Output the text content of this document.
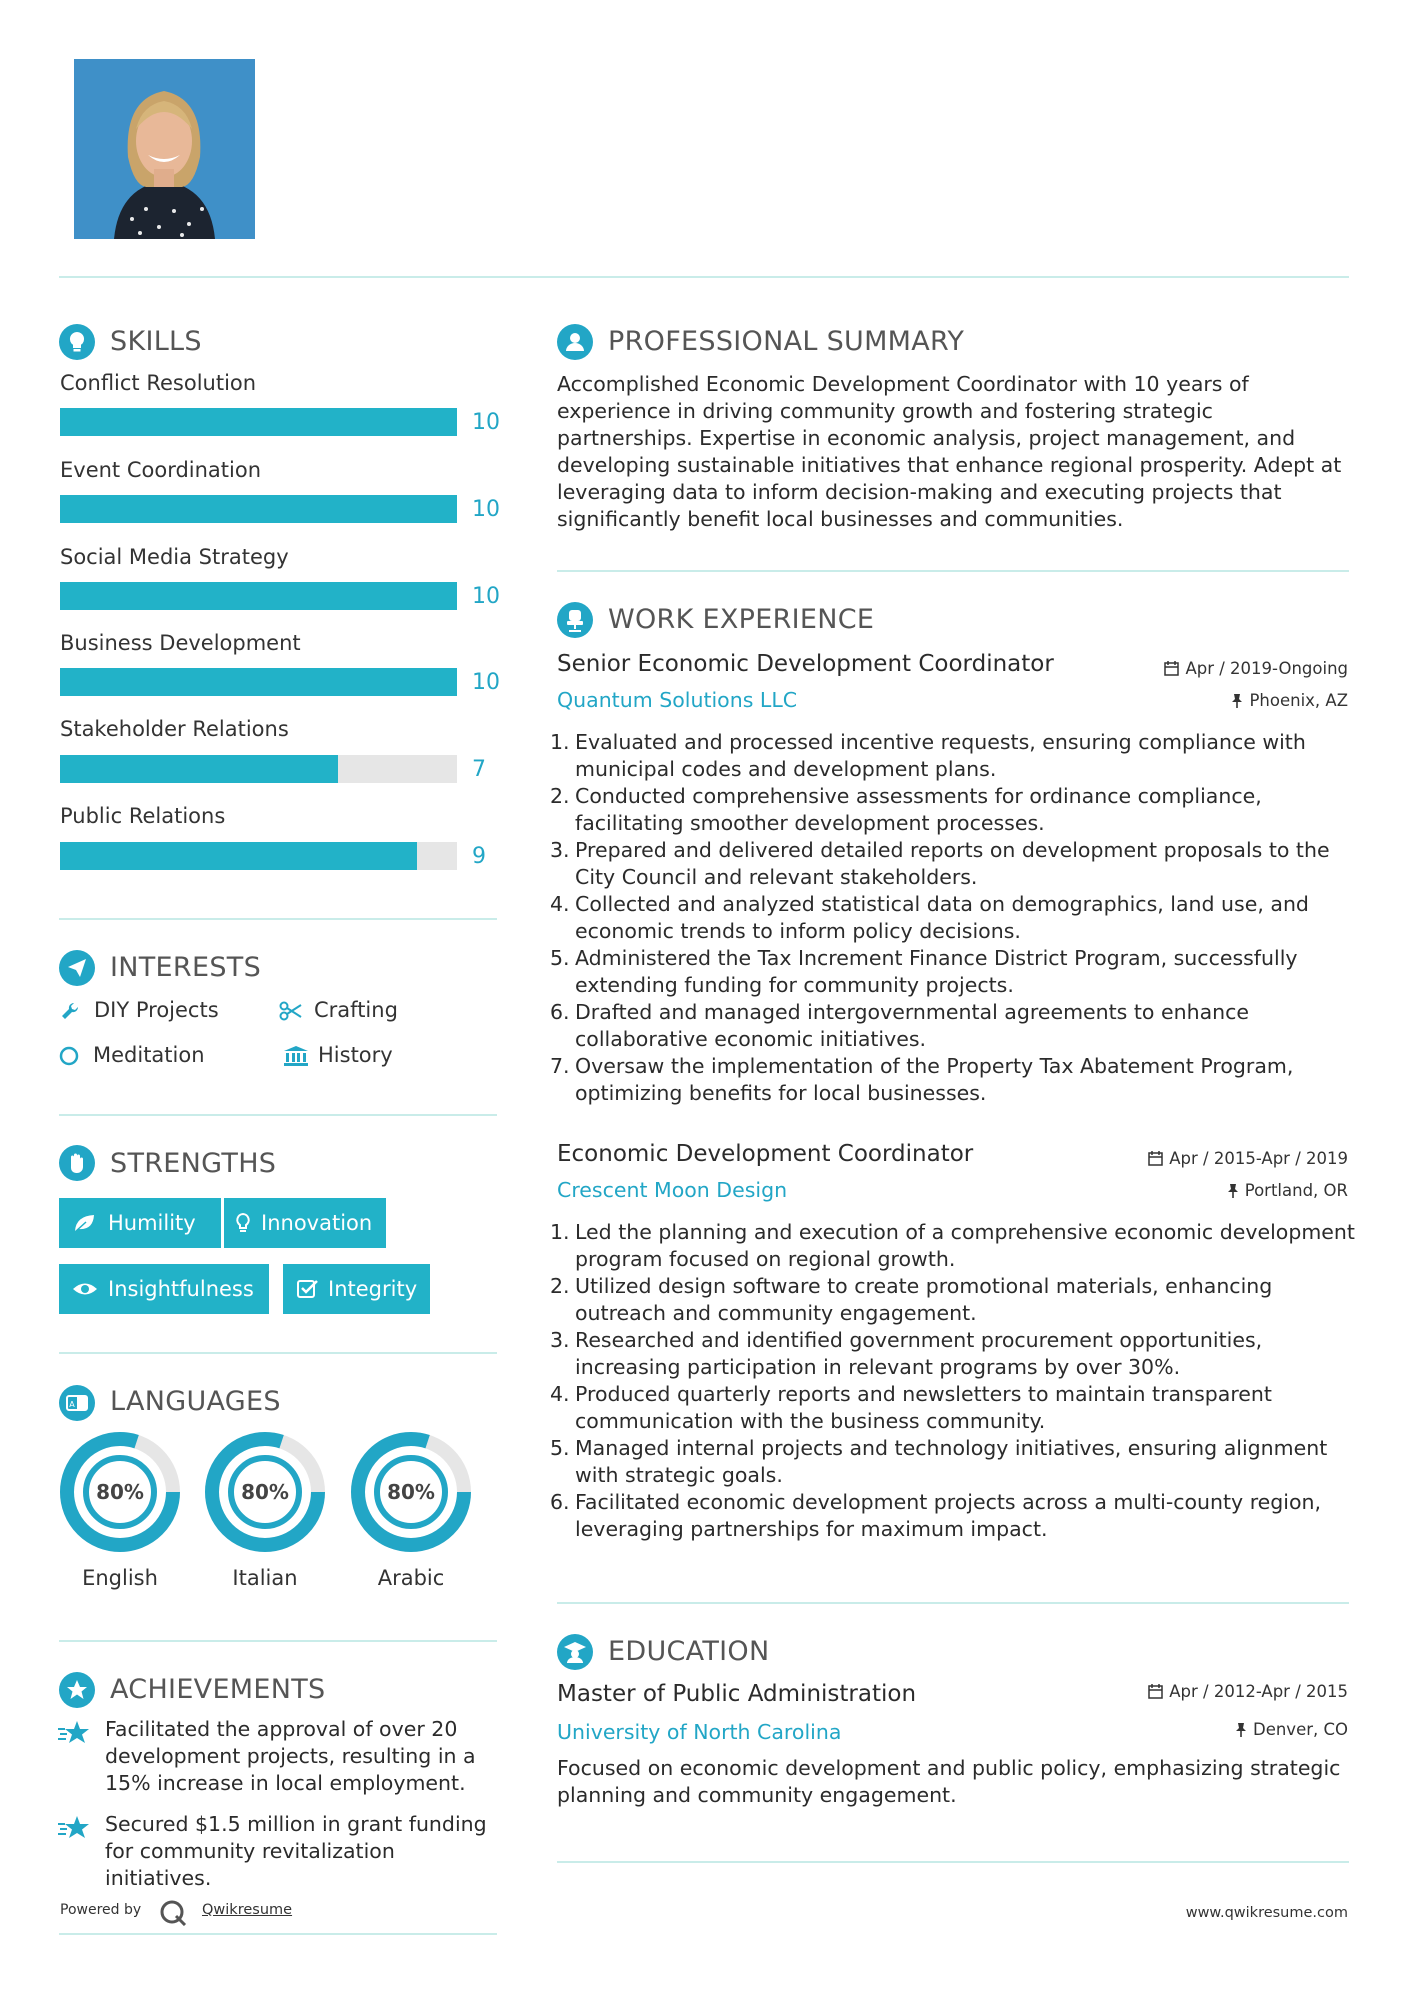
SKILLS
Conflict Resolution
10
Event Coordination
10
Social Media Strategy
10
Business Development
10
Stakeholder Relations
7
Public Relations
9
INTERESTS
DIY Projects	Crafting
Meditation	History
STRENGTHS
Humility	Innovation
Insightfulness	Integrity
A LANGUAGES
80%	80%	80%
English	Italian	Arabic
ACHIEVEMENTS
Facilitated the approval of over 20 development projects, resulting in a 15% increase in local employment.
Secured $1.5 million in grant funding for community revitalization initiatives.
Powered by	Qwikresume
PROFESSIONAL SUMMARY
Accomplished Economic Development Coordinator with 10 years of experience in driving community growth and fostering strategic partnerships. Expertise in economic analysis, project management, and developing sustainable initiatives that enhance regional prosperity. Adept at leveraging data to inform decision-making and executing projects that significantly benefit local businesses and communities.
WORK EXPERIENCE
Senior Economic Development Coordinator	Apr / 2019-Ongoing
Quantum Solutions LLC	Phoenix, AZ
1. Evaluated and processed incentive requests, ensuring compliance with municipal codes and development plans.
2. Conducted comprehensive assessments for ordinance compliance, facilitating smoother development processes.
3. Prepared and delivered detailed reports on development proposals to the City Council and relevant stakeholders.
4. Collected and analyzed statistical data on demographics, land use, and economic trends to inform policy decisions.
5. Administered the Tax Increment Finance District Program, successfully extending funding for community projects.
6. Drafted and managed intergovernmental agreements to enhance collaborative economic initiatives.
7. Oversaw the implementation of the Property Tax Abatement Program, optimizing benefits for local businesses.
Economic Development Coordinator	Apr / 2015-Apr / 2019
Crescent Moon Design	Portland, OR
1. Led the planning and execution of a comprehensive economic development program focused on regional growth.
2. Utilized design software to create promotional materials, enhancing outreach and community engagement.
3. Researched and identified government procurement opportunities, increasing participation in relevant programs by over 30%.
4. Produced quarterly reports and newsletters to maintain transparent communication with the business community.
5. Managed internal projects and technology initiatives, ensuring alignment with strategic goals.
6. Facilitated economic development projects across a multi-county region, leveraging partnerships for maximum impact.
EDUCATION
Master of Public Administration	Apr / 2012-Apr / 2015
University of North Carolina	Denver, CO
Focused on economic development and public policy, emphasizing strategic planning and community engagement.
www.qwikresume.com
